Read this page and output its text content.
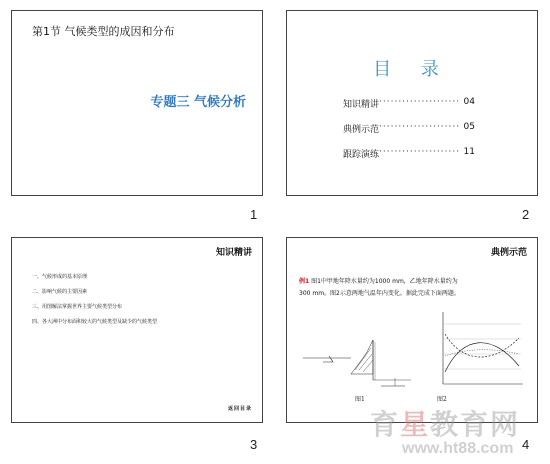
第1节 气候类型的成因和分布
专题三 气候分析
1
目 录
知识精讲 ····················· 04
典例示范 ····················· 05
跟踪演练 ····················· 11
2
知识精讲
一、气候形成的基本原理
二、影响气候的主要因素
三、用图解法掌握世界主要气候类型分布
四、各大洲中分布面积较大的气候类型及缺少的气候类型
返回目录
3
典例示范
例1 图1中甲地年降水量约为1000 mm，乙地年降水量约为300 mm。图2示意两地气温年内变化。据此完成下面两题。
图1	图2
4
育星教育网
www.ht88.com
